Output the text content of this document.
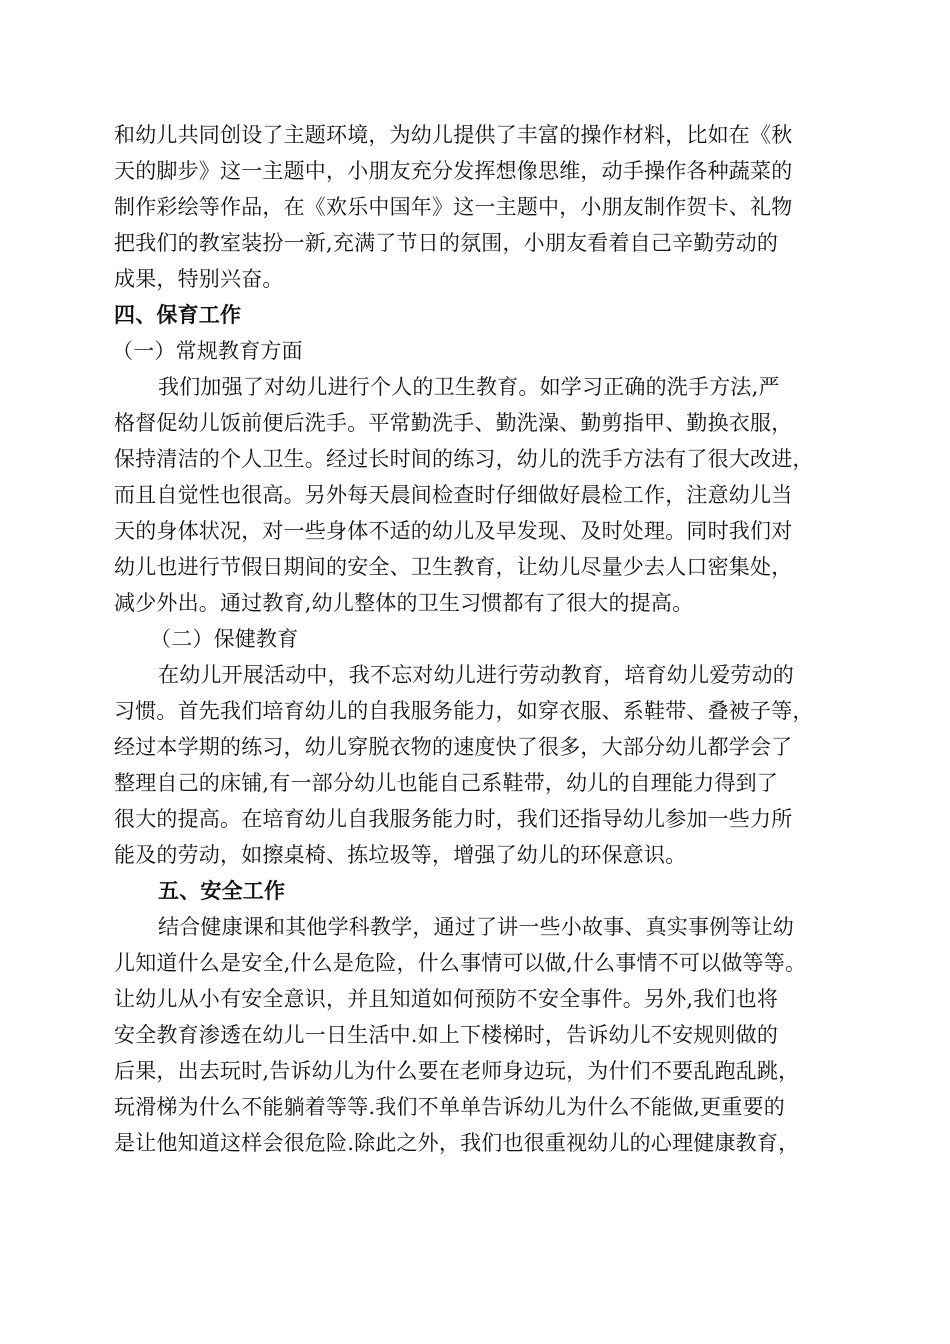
和幼儿共同创设了主题环境，为幼儿提供了丰富的操作材料，比如在《秋
天的脚步》这一主题中，小朋友充分发挥想像思维，动手操作各种蔬菜的
制作彩绘等作品，在《欢乐中国年》这一主题中，小朋友制作贺卡、礼物
把我们的教室装扮一新,充满了节日的氛围，小朋友看着自己辛勤劳动的
成果，特别兴奋。
四、保育工作
（一）常规教育方面
我们加强了对幼儿进行个人的卫生教育。如学习正确的洗手方法,严
格督促幼儿饭前便后洗手。平常勤洗手、勤洗澡、勤剪指甲、勤换衣服，
保持清洁的个人卫生。经过长时间的练习，幼儿的洗手方法有了很大改进，
而且自觉性也很高。另外每天晨间检查时仔细做好晨检工作，注意幼儿当
天的身体状况，对一些身体不适的幼儿及早发现、及时处理。同时我们对
幼儿也进行节假日期间的安全、卫生教育，让幼儿尽量少去人口密集处，
减少外出。通过教育,幼儿整体的卫生习惯都有了很大的提高。
（二）保健教育
在幼儿开展活动中，我不忘对幼儿进行劳动教育，培育幼儿爱劳动的
习惯。首先我们培育幼儿的自我服务能力，如穿衣服、系鞋带、叠被子等，
经过本学期的练习，幼儿穿脱衣物的速度快了很多，大部分幼儿都学会了
整理自己的床铺,有一部分幼儿也能自己系鞋带，幼儿的自理能力得到了
很大的提高。在培育幼儿自我服务能力时，我们还指导幼儿参加一些力所
能及的劳动，如擦桌椅、拣垃圾等，增强了幼儿的环保意识。
五、安全工作
结合健康课和其他学科教学，通过了讲一些小故事、真实事例等让幼
儿知道什么是安全,什么是危险，什么事情可以做,什么事情不可以做等等。
让幼儿从小有安全意识，并且知道如何预防不安全事件。另外,我们也将
安全教育渗透在幼儿一日生活中.如上下楼梯时，告诉幼儿不安规则做的
后果，出去玩时,告诉幼儿为什么要在老师身边玩，为什们不要乱跑乱跳，
玩滑梯为什么不能躺着等等.我们不单单告诉幼儿为什么不能做,更重要的
是让他知道这样会很危险.除此之外，我们也很重视幼儿的心理健康教育，
